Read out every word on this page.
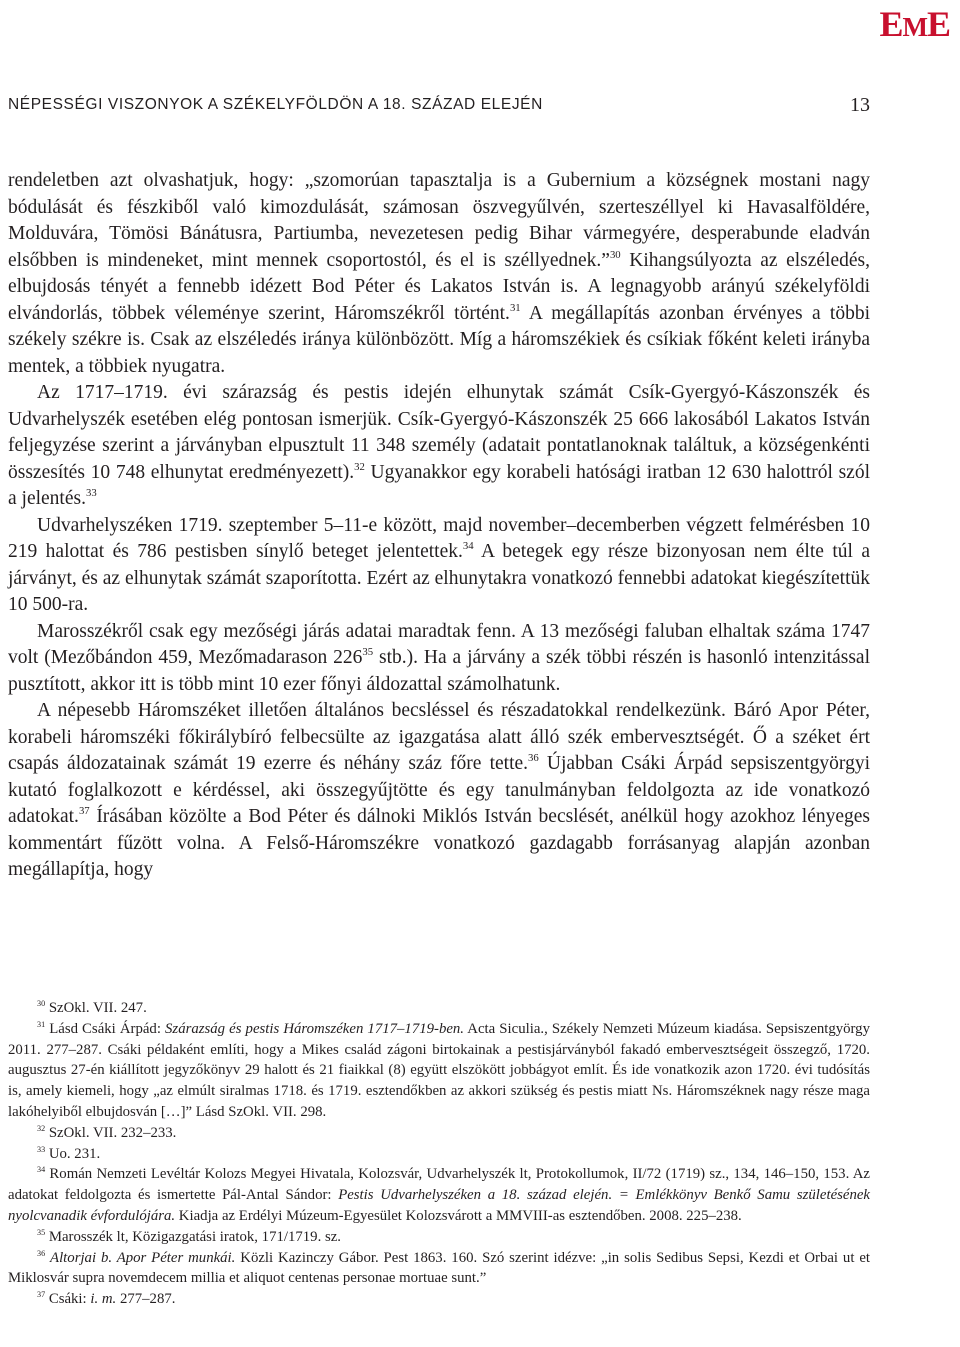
EME
NÉPESSÉGI VISZONYOK A SZÉKELYFÖLDÖN A 18. SZÁZAD ELEJÉN	13

rendeletben azt olvashatjuk, hogy: „szomorúan tapasztalja is a Gubernium a községnek mostani nagy bódulását és fészkiből való kimozdulását, számosan öszvegyűlvén, szerteszéllyel ki Havasalföldére, Molduvára, Tömösi Bánátusra, Partiumba, nevezetesen pedig Bihar vármegyére, desperabunde eladván elsőbben is mindeneket, mint mennek csoportostól, és el is széllyednek.”$^{30}$ Kihangsúlyozta az elszéledés, elbujdosás tényét a fennebb idézett Bod Péter és Lakatos István is. A legnagyobb arányú székelyföldi elvándorlás, többek véleménye szerint, Háromszékről történt.$^{31}$ A megállapítás azonban érvényes a többi székely székre is. Csak az elszéledés iránya különbözött. Míg a háromszékiek és csíkiak főként keleti irányba mentek, a többiek nyugatra.

Az 1717–1719. évi szárazság és pestis idején elhunytak számát Csík-Gyergyó-Kászonszék és Udvarhelyszék esetében elég pontosan ismerjük. Csík-Gyergyó-Kászonszék 25 666 lakosából Lakatos István feljegyzése szerint a járványban elpusztult 11 348 személy (adatait pontatlanoknak találtuk, a községenkénti összesítés 10 748 elhunytat eredményezett).$^{32}$ Ugyanakkor egy korabeli hatósági iratban 12 630 halottról szól a jelentés.$^{33}$

Udvarhelyszéken 1719. szeptember 5–11-e között, majd november–decemberben végzett felmérésben 10 219 halottat és 786 pestisben sínylő beteget jelentettek.$^{34}$ A betegek egy része bizonyosan nem élte túl a járványt, és az elhunytak számát szaporította. Ezért az elhunytakra vonatkozó fennebbi adatokat kiegészítettük 10 500-ra.

Marosszékről csak egy mezőségi járás adatai maradtak fenn. A 13 mezőségi faluban elhaltak száma 1747 volt (Mezőbándon 459, Mezőmadarason $226^{35}$ stb.). Ha a járvány a szék többi részén is hasonló intenzitással pusztított, akkor itt is több mint 10 ezer főnyi áldozattal számolhatunk.

A népesebb Háromszéket illetően általános becsléssel és részadatokkal rendelkezünk. Báró Apor Péter, korabeli háromszéki főkirálybíró felbecsülte az igazgatása alatt álló szék embervesztségét. Ő a széket ért csapás áldozatainak számát 19 ezerre és néhány száz főre tette.$^{36}$ Újabban Csáki Árpád sepsiszentgyörgyi kutató foglalkozott e kérdéssel, aki összegyűjtötte és egy tanulmányban feldolgozta az ide vonatkozó adatokat.$^{37}$ Írásában közölte a Bod Péter és dálnoki Miklós István becslését, anélkül hogy azokhoz lényeges kommentárt fűzött volna. A Felső-Háromszékre vonatkozó gazdagabb forrásanyag alapján azonban megállapítja, hogy

$^{30}$ SzOkl. VII. 247.

$^{31}$ Lásd Csáki Árpád: Szárazság és pestis Háromszéken 1717–1719-ben. Acta Siculia., Székely Nemzeti Múzeum kiadása. Sepsiszentgyörgy 2011. 277–287. Csáki példaként említi, hogy a Mikes család zágoni birtokainak a pestisjárványból fakadó embervesztségeit összegző, 1720. augusztus 27-én kiállított jegyzőkönyv 29 halott és 21 fiaikkal (8) együtt elszökött jobbágyot említ. És ide vonatkozik azon 1720. évi tudósítás is, amely kiemeli, hogy „az elmúlt siralmas 1718. és 1719. esztendőkben az akkori szükség és pestis miatt Ns. Háromszéknek nagy része maga lakóhelyiből elbujdosván […]” Lásd SzOkl. VII. 298.

$^{32}$ SzOkl. VII. 232–233.

$^{33}$ Uo. 231.

$^{34}$ Román Nemzeti Levéltár Kolozs Megyei Hivatala, Kolozsvár, Udvarhelyszék lt, Protokollumok, II/72 (1719) sz., 134, 146–150, 153. Az adatokat feldolgozta és ismertette Pál-Antal Sándor: Pestis Udvarhelyszéken a 18. század elején. = Emlékkönyv Benkő Samu születésének nyolcvanadik évfordulójára. Kiadja az Erdélyi Múzeum-Egyesület Kolozsvárott a MMVIII-as esztendőben. 2008. 225–238.

$^{35}$ Marosszék lt, Közigazgatási iratok, 171/1719. sz.

$^{36}$ Altorjai b. Apor Péter munkái. Közli Kazinczy Gábor. Pest 1863. 160. Szó szerint idézve: „in solis Sedibus Sepsi, Kezdi et Orbai ut et Miklosvár supra novemdecem millia et aliquot centenas personae mortuae sunt.”

$^{37}$ Csáki: i. m. 277–287.
